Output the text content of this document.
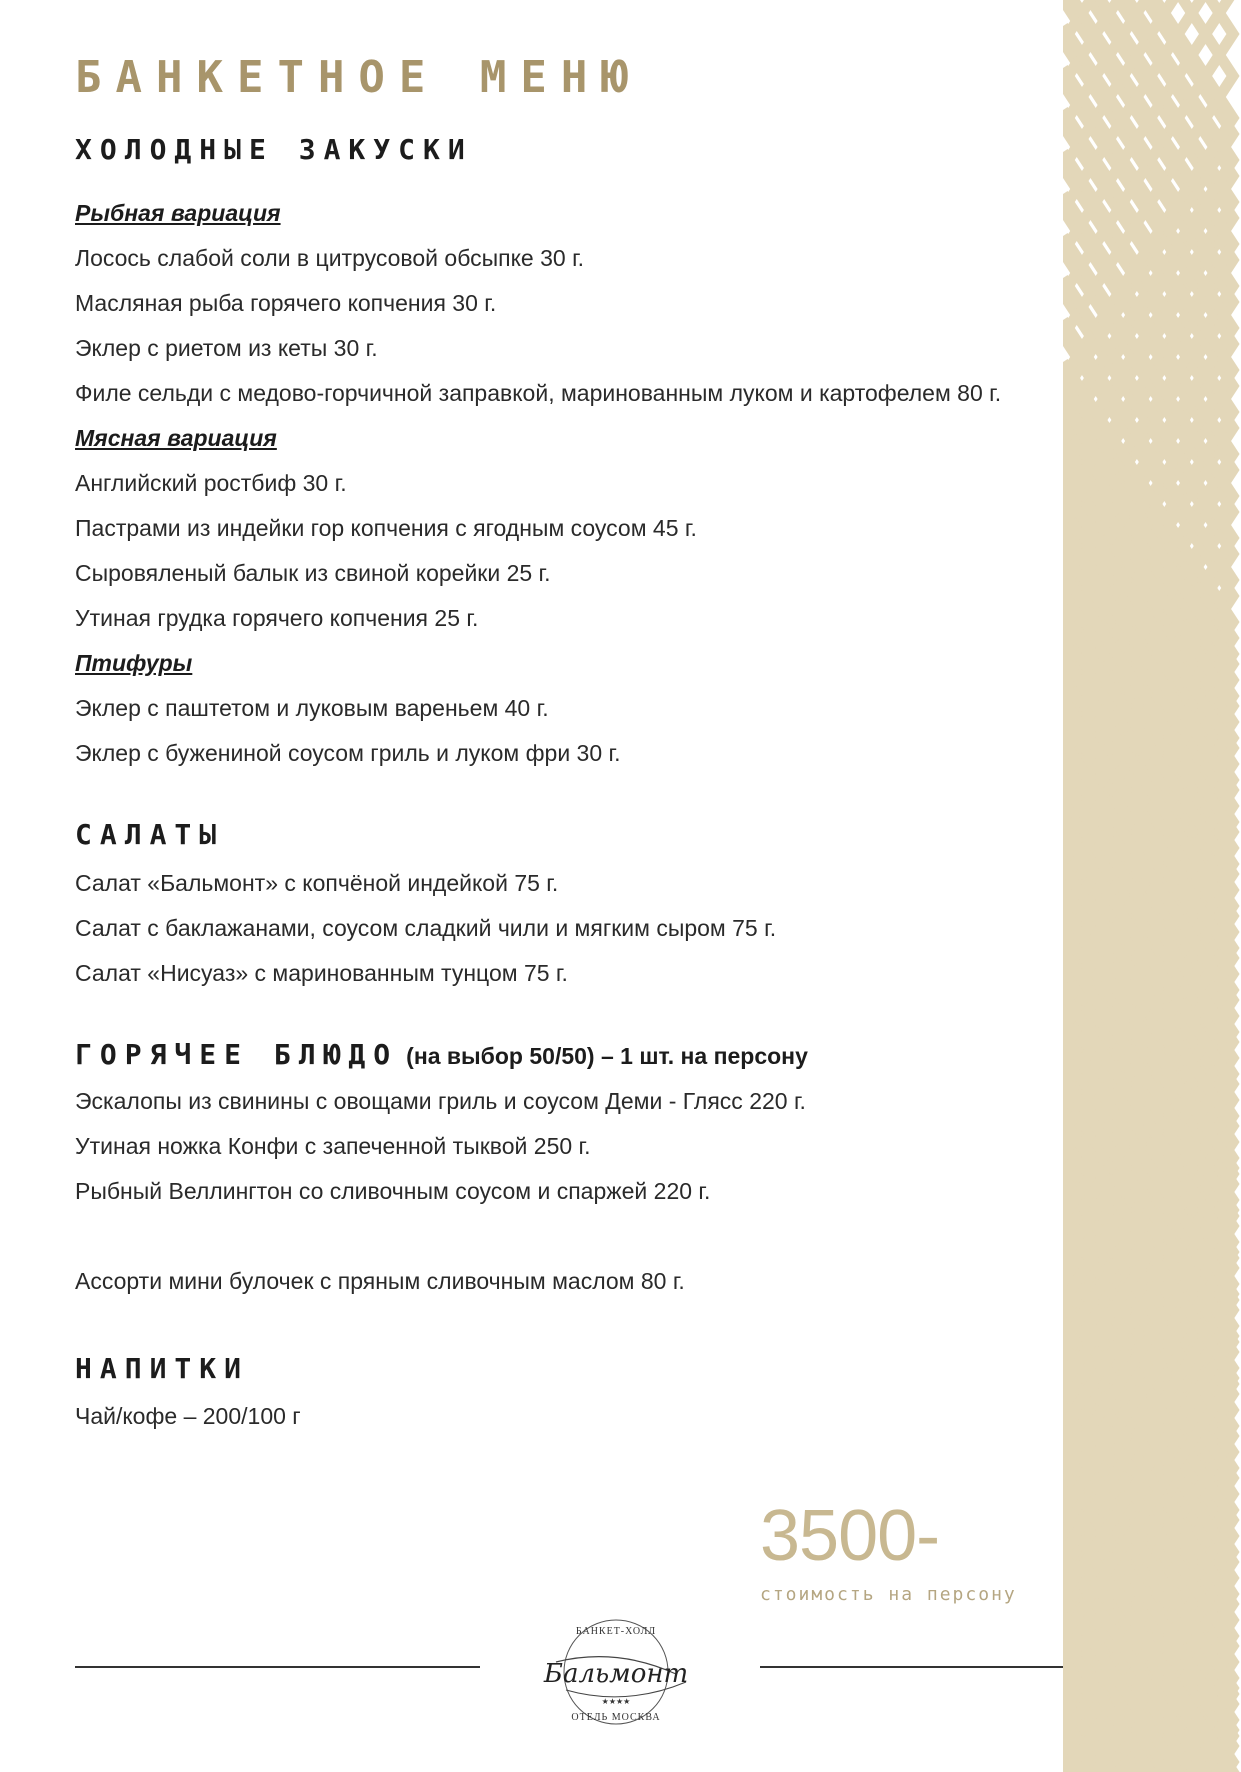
БАНКЕТНОЕ МЕНЮ
ХОЛОДНЫЕ ЗАКУСКИ

Рыбная вариация

Лосось слабой соли в цитрусовой обсыпке 30 г.

Масляная рыба горячего копчения 30 г.

Эклер с риетом из кеты 30 г.

Филе сельди с медово-горчичной заправкой, маринованным луком и картофелем 80 г.

Мясная вариация

Английский ростбиф 30 г.

Пастрами из индейки гор копчения с ягодным соусом 45 г.

Сыровяленый балык из свиной корейки 25 г.

Утиная грудка горячего копчения 25 г.

Птифуры

Эклер с паштетом и луковым вареньем 40 г.

Эклер с бужениной соусом гриль и луком фри 30 г.

САЛАТЫ

Салат «Бальмонт» с копчёной индейкой 75 г.

Салат с баклажанами, соусом сладкий чили и мягким сыром 75 г.

Салат «Нисуаз» с маринованным тунцом 75 г.

ГОРЯЧЕЕ БЛЮДО (на выбор 50/50) – 1 шт. на персону

Эскалопы из свинины с овощами гриль и соусом Деми - Глясс 220 г.

Утиная ножка Конфи с запеченной тыквой 250 г.

Рыбный Веллингтон со сливочным соусом и спаржей 220 г.

Ассорти мини булочек с пряным сливочным маслом 80 г.

НАПИТКИ

Чай/кофе – 200/100 г

3500-
стоимость на персону
БАНКЕТ-ХОЛЛ
Бальмонт
★★★★
ОТЕЛЬ МОСКВА
